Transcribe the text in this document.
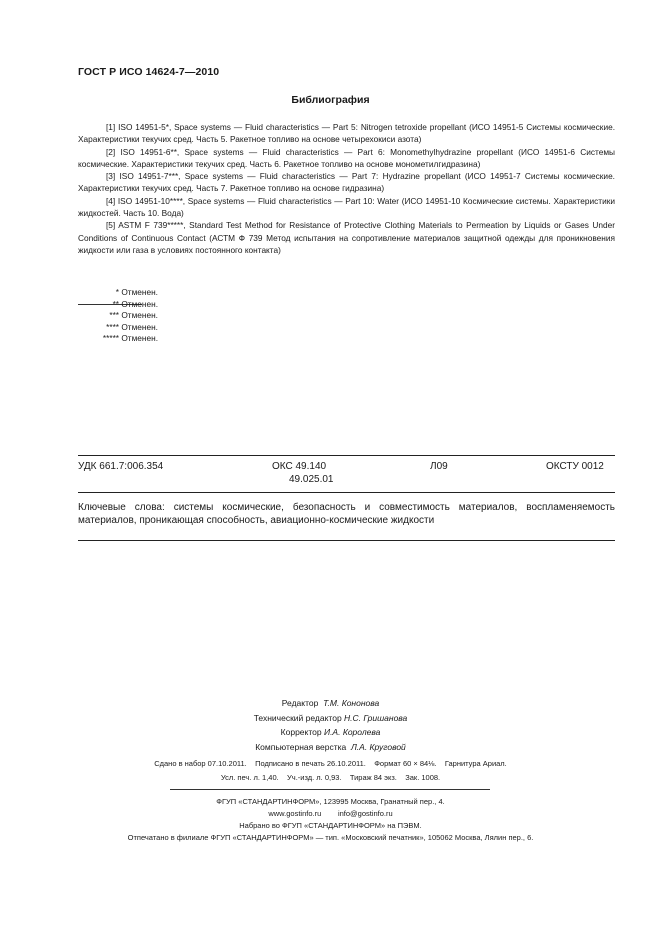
ГОСТ Р ИСО 14624-7—2010
Библиография

[1] ISO 14951-5*, Space systems — Fluid characteristics — Part 5: Nitrogen tetroxide propellant (ИСО 14951-5 Системы космические. Характеристики текучих сред. Часть 5. Ракетное топливо на основе четырехокиси азота)

[2] ISO 14951-6**, Space systems — Fluid characteristics — Part 6: Monomethylhydrazine propellant (ИСО 14951-6 Системы космические. Характеристики текучих сред. Часть 6. Ракетное топливо на основе монометилгидразина)

[3] ISO 14951-7***, Space systems — Fluid characteristics — Part 7: Hydrazine propellant (ИСО 14951-7 Системы космические. Характеристики текучих сред. Часть 7. Ракетное топливо на основе гидразина)

[4] ISO 14951-10****, Space systems — Fluid characteristics — Part 10: Water (ИСО 14951-10 Космические системы. Характеристики жидкостей. Часть 10. Вода)

[5] ASTM F 739*****, Standard Test Method for Resistance of Protective Clothing Materials to Permeation by Liquids or Gases Under Conditions of Continuous Contact (АСТМ Ф 739 Метод испытания на сопротивление материалов защитной одежды для проникновения жидкости или газа в условиях постоянного контакта)

* Отменен.
** Отменен.
*** Отменен.
**** Отменен.
***** Отменен.
УДК 661.7:006.354	ОКС 49.140
49.025.01
Л09	ОКСТУ 0012
Ключевые слова: системы космические, безопасность и совместимость материалов, воспламеняемость материалов, проникающая способность, авиационно-космические жидкости
Редактор Т.М. Кононова
Технический редактор Н.С. Гришанова
Корректор И.А. Королева
Компьютерная верстка Л.А. Круговой
Сдано в набор 07.10.2011.    Подписано в печать 26.10.2011.    Формат 60 × 84⅛.    Гарнитура Ариал.
Усл. печ. л. 1,40.    Уч.-изд. л. 0,93.    Тираж 84 экз.    Зак. 1008.
ФГУП «СТАНДАРТИНФОРМ», 123995 Москва, Гранатный пер., 4.
www.gostinfo.ru        info@gostinfo.ru
Набрано во ФГУП «СТАНДАРТИНФОРМ» на ПЭВМ.
Отпечатано в филиале ФГУП «СТАНДАРТИНФОРМ» — тип. «Московский печатник», 105062 Москва, Лялин пер., 6.
